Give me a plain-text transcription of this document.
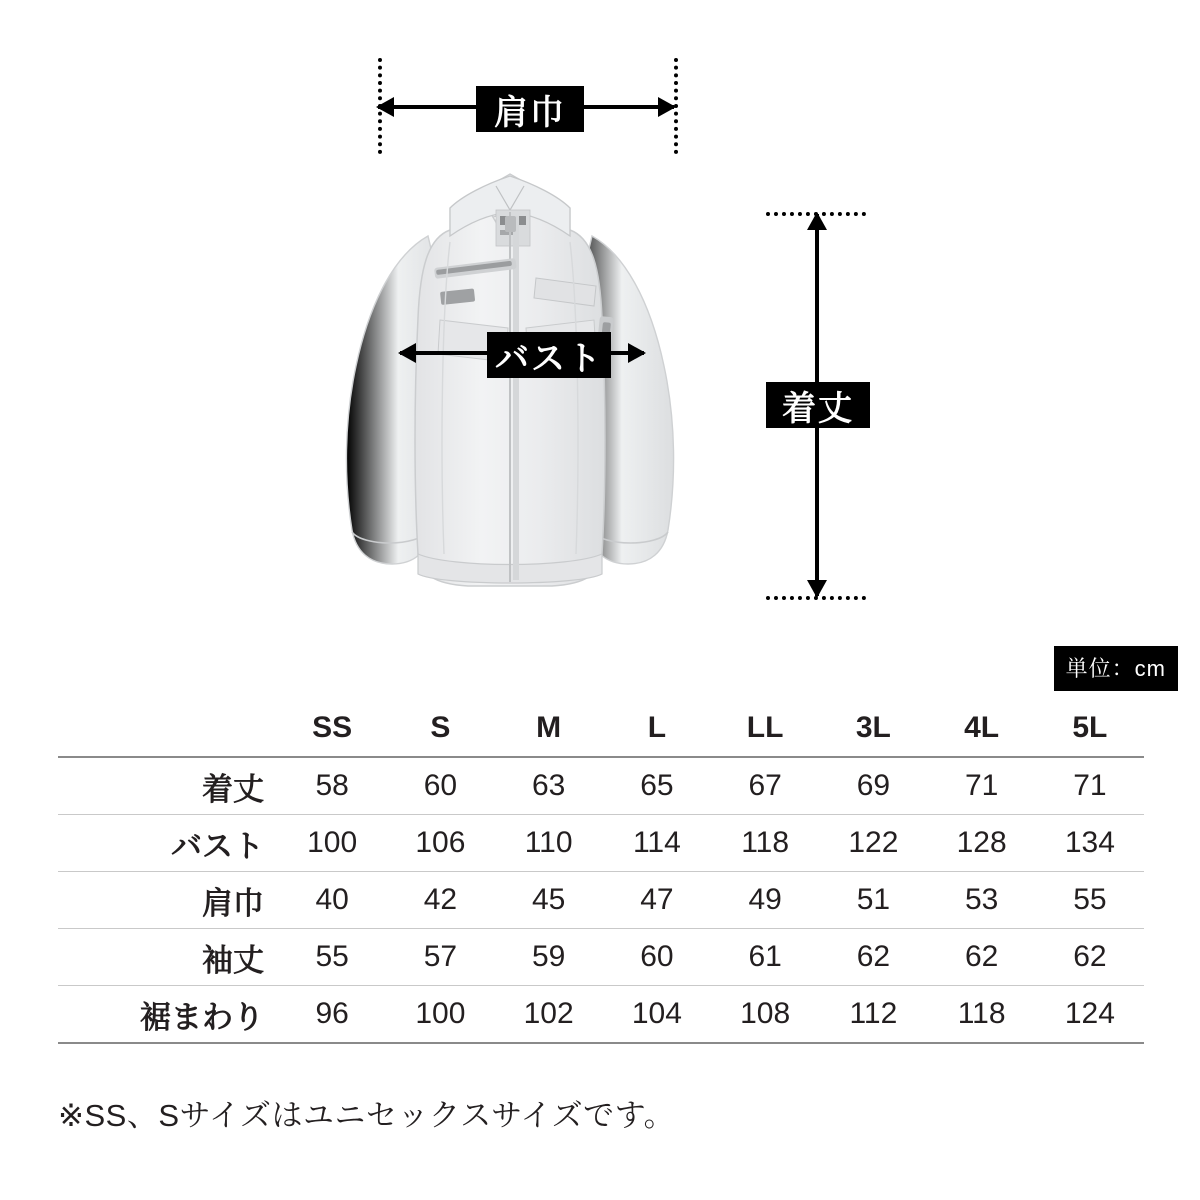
肩巾
バスト
着丈
単位：cm
	SS	S	M	L	LL	3L	4L	5L
着丈	58	60	63	65	67	69	71	71
バスト	100	106	110	114	118	122	128	134
肩巾	40	42	45	47	49	51	53	55
袖丈	55	57	59	60	61	62	62	62
裾まわり	96	100	102	104	108	112	118	124
※SS、Sサイズはユニセックスサイズです。
